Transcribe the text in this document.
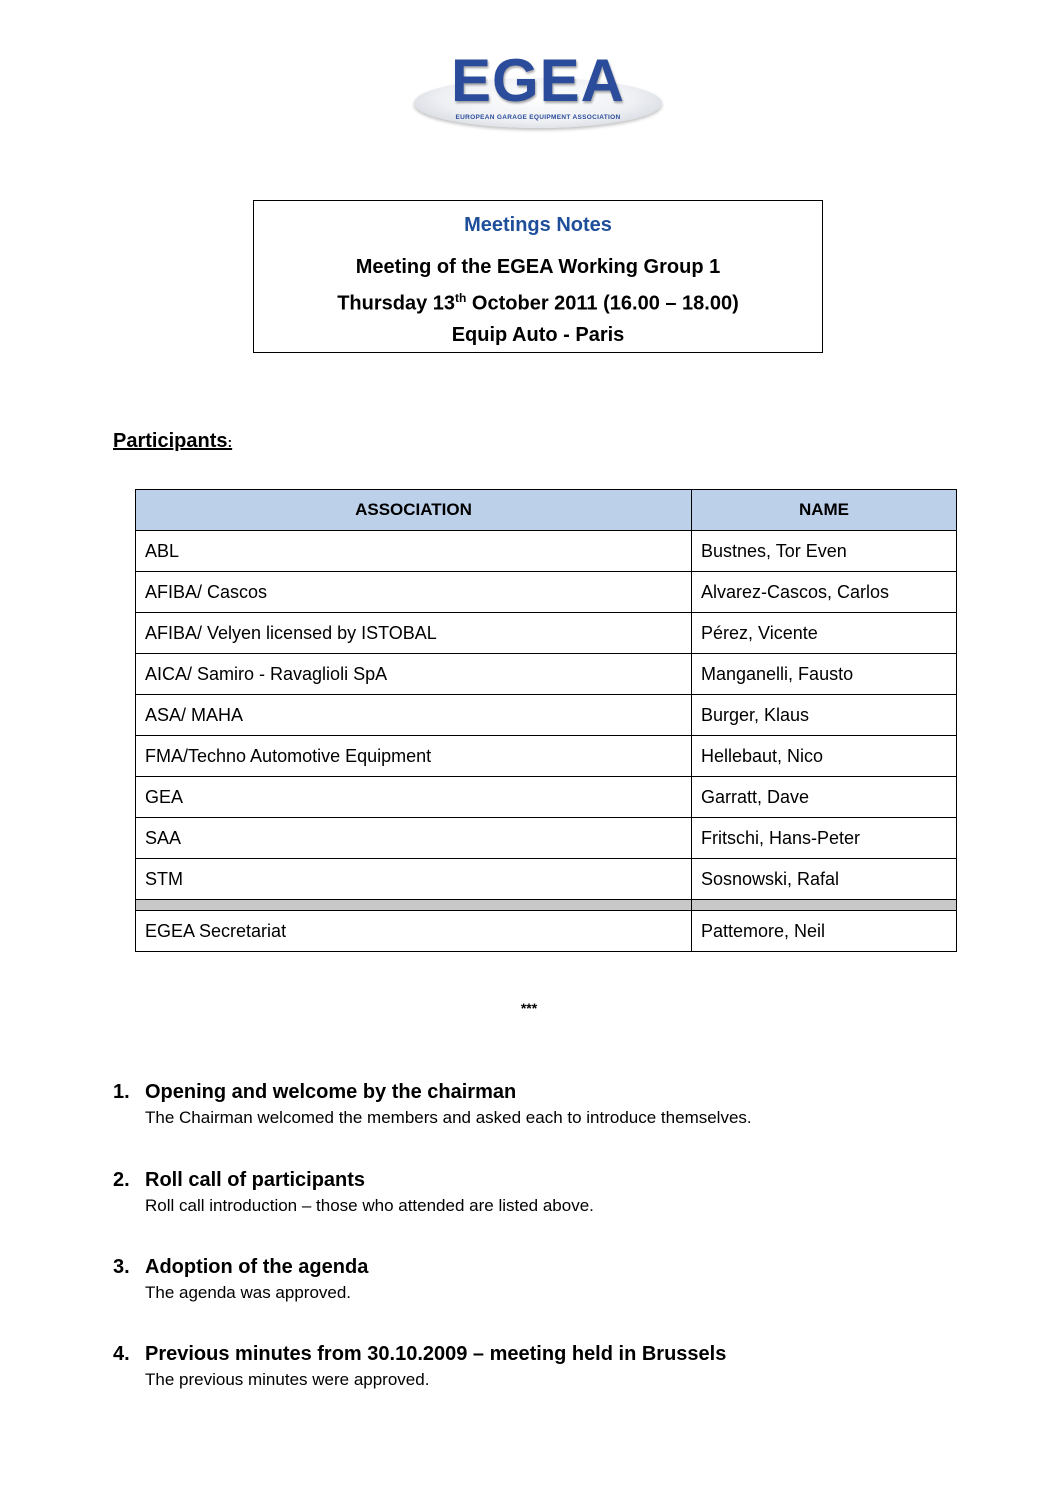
EGEA
EUROPEAN GARAGE EQUIPMENT ASSOCIATION
Meetings Notes
Meeting of the EGEA Working Group 1
Thursday 13th October 2011 (16.00 – 18.00)
Equip Auto - Paris
Participants:
ASSOCIATION	NAME
ABL	Bustnes, Tor Even
AFIBA/ Cascos	Alvarez-Cascos, Carlos
AFIBA/ Velyen licensed by ISTOBAL	Pérez, Vicente
AICA/ Samiro - Ravaglioli SpA	Manganelli, Fausto
ASA/ MAHA	Burger, Klaus
FMA/Techno Automotive Equipment	Hellebaut, Nico
GEA	Garratt, Dave
SAA	Fritschi, Hans-Peter
STM	Sosnowski, Rafal

EGEA Secretariat	Pattemore, Neil
***
1. Opening and welcome by the chairman
The Chairman welcomed the members and asked each to introduce themselves.
2. Roll call of participants
Roll call introduction – those who attended are listed above.
3. Adoption of the agenda
The agenda was approved.
4. Previous minutes from 30.10.2009 – meeting held in Brussels
The previous minutes were approved.
